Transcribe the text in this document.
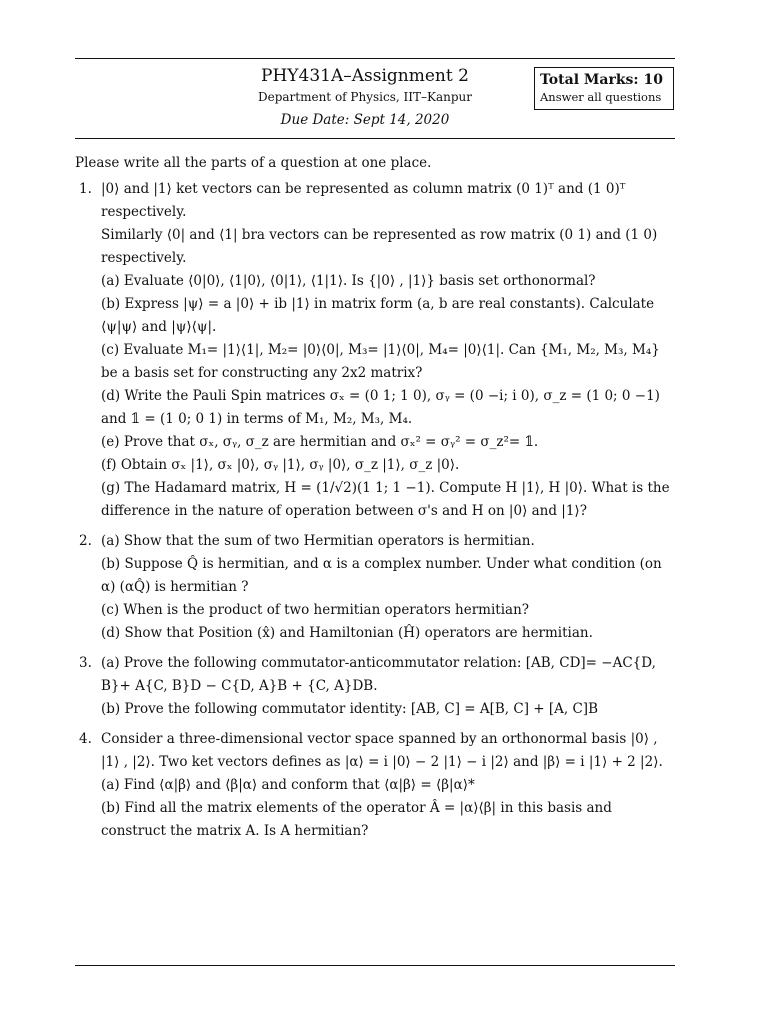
PHY431A–Assignment 2
Department of Physics, IIT–Kanpur
Due Date: Sept 14, 2020
Total Marks: 10
Answer all questions

Please write all the parts of a question at one place.

1. |0⟩ and |1⟩ ket vectors can be represented as column matrix (0 1)ᵀ and (1 0)ᵀ respectively.

Similarly ⟨0| and ⟨1| bra vectors can be represented as row matrix (0 1) and (1 0) respectively.

(a) Evaluate ⟨0|0⟩, ⟨1|0⟩, ⟨0|1⟩, ⟨1|1⟩. Is {|0⟩ , |1⟩} basis set orthonormal?

(b) Express |ψ⟩ = a |0⟩ + ib |1⟩ in matrix form (a, b are real constants). Calculate ⟨ψ|ψ⟩ and |ψ⟩⟨ψ|.

(c) Evaluate M₁= |1⟩⟨1|, M₂= |0⟩⟨0|, M₃= |1⟩⟨0|, M₄= |0⟩⟨1|. Can {M₁, M₂, M₃, M₄} be a basis set for constructing any 2x2 matrix?

(d) Write the Pauli Spin matrices σₓ = (0 1; 1 0), σᵧ = (0 −i; i 0), σ_z = (1 0; 0 −1) and 𝟙 = (1 0; 0 1) in terms of M₁, M₂, M₃, M₄.

(e) Prove that σₓ, σᵧ, σ_z are hermitian and σₓ² = σᵧ² = σ_z²= 𝟙.

(f) Obtain σₓ |1⟩, σₓ |0⟩, σᵧ |1⟩, σᵧ |0⟩, σ_z |1⟩, σ_z |0⟩.

(g) The Hadamard matrix, H = (1/√2)(1 1; 1 −1). Compute H |1⟩, H |0⟩. What is the difference in the nature of operation between σ's and H on |0⟩ and |1⟩?

2. (a) Show that the sum of two Hermitian operators is hermitian.

(b) Suppose Q̂ is hermitian, and α is a complex number. Under what condition (on α) (αQ̂) is hermitian ?

(c) When is the product of two hermitian operators hermitian?

(d) Show that Position (x̂) and Hamiltonian (Ĥ) operators are hermitian.

3. (a) Prove the following commutator-anticommutator relation: [AB, CD]= −AC{D, B}+ A{C, B}D − C{D, A}B + {C, A}DB.

(b) Prove the following commutator identity: [AB, C] = A[B, C] + [A, C]B

4. Consider a three-dimensional vector space spanned by an orthonormal basis |0⟩ , |1⟩ , |2⟩. Two ket vectors defines as |α⟩ = i |0⟩ − 2 |1⟩ − i |2⟩ and |β⟩ = i |1⟩ + 2 |2⟩.

(a) Find ⟨α|β⟩ and ⟨β|α⟩ and conform that ⟨α|β⟩ = ⟨β|α⟩*

(b) Find all the matrix elements of the operator Â = |α⟩⟨β| in this basis and construct the matrix A. Is A hermitian?
